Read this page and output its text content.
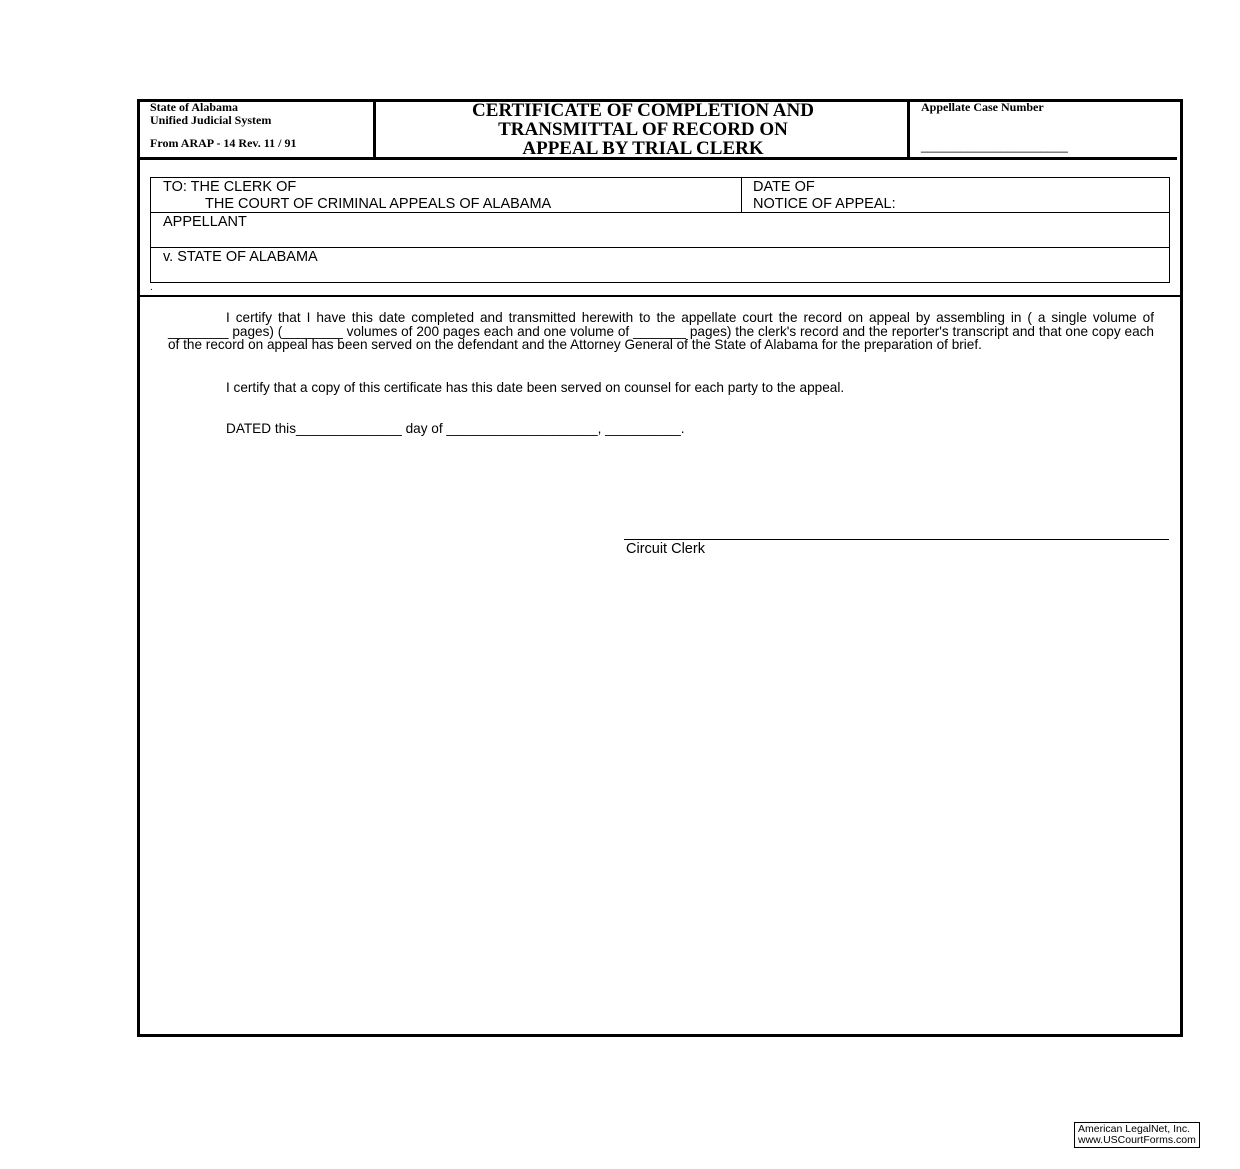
State of Alabama
Unified Judicial System
From ARAP - 14 Rev. 11 / 91
CERTIFICATE OF COMPLETION AND
TRANSMITTAL OF RECORD ON
APPEAL BY TRIAL CLERK
Appellate Case Number
______________________
TO: THE CLERK OF
THE COURT OF CRIMINAL APPEALS OF ALABAMA
DATE OF
NOTICE OF APPEAL:
APPELLANT
v. STATE OF ALABAMA
.
I certify that I have this date completed and transmitted herewith to the appellate court the record on appeal by assembling in ( a single volume of ________ pages) (________ volumes of 200 pages each and one volume of _______ pages) the clerk's record and the reporter's transcript and that one copy each of the record on appeal has been served on the defendant and the Attorney General of the State of Alabama for the preparation of brief.
I certify that a copy of this certificate has this date been served on counsel for each party to the appeal.
DATED this______________ day of ____________________, __________.
Circuit Clerk
American LegalNet, Inc.
www.USCourtForms.com
